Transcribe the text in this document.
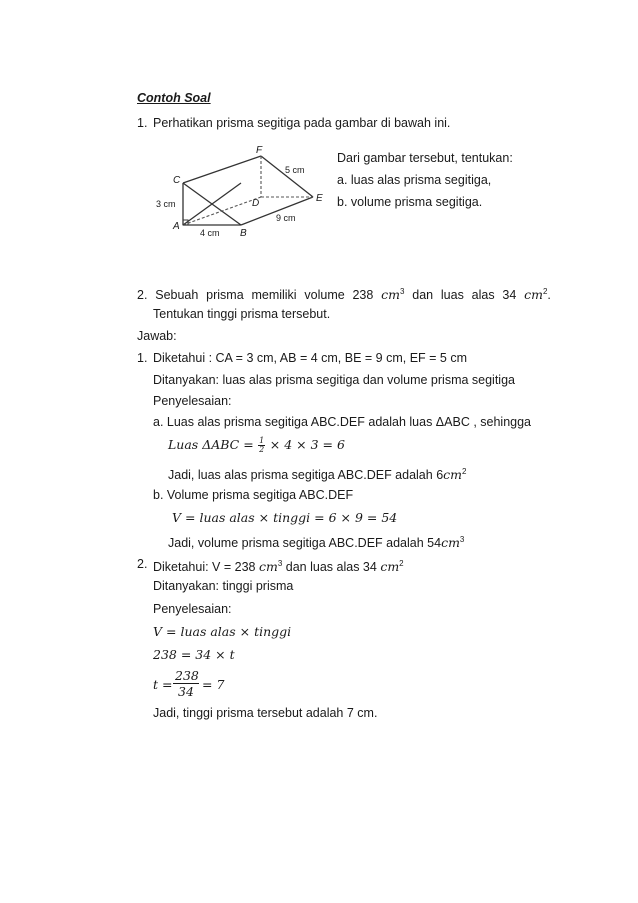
Contoh Soal
1. Perhatikan prisma segitiga pada gambar di bawah ini.
F
C
E
D
A
B
5 cm
3 cm
9 cm
4 cm
Dari gambar tersebut, tentukan:
a. luas alas prisma segitiga,
b. volume prisma segitiga.
2. Sebuah prisma memiliki volume 238 $cm^3$ dan luas alas 34 $cm^2$.
Tentukan tinggi prisma tersebut.
Jawab:
1. Diketahui : CA = 3 cm, AB = 4 cm, BE = 9 cm, EF = 5 cm
Ditanyakan: luas alas prisma segitiga dan volume prisma segitiga
Penyelesaian:
a. Luas alas prisma segitiga ABC.DEF adalah luas ΔABC , sehingga
Luas $\Delta ABC = \frac{1}{2} \times 4 \times 3 = 6$
Jadi, luas alas prisma segitiga ABC.DEF adalah $6cm^2$
b. Volume prisma segitiga ABC.DEF
V = luas alas × tinggi = 6 × 9 = 54
Jadi, volume prisma segitiga ABC.DEF adalah $54cm^3$
2. Diketahui: V = 238 $cm^3$ dan luas alas 34 $cm^2$
Ditanyakan: tinggi prisma
Penyelesaian:
V = luas alas × tinggi
238 = 34 × t
$t = \frac{238}{34} = 7$
Jadi, tinggi prisma tersebut adalah 7 cm.
